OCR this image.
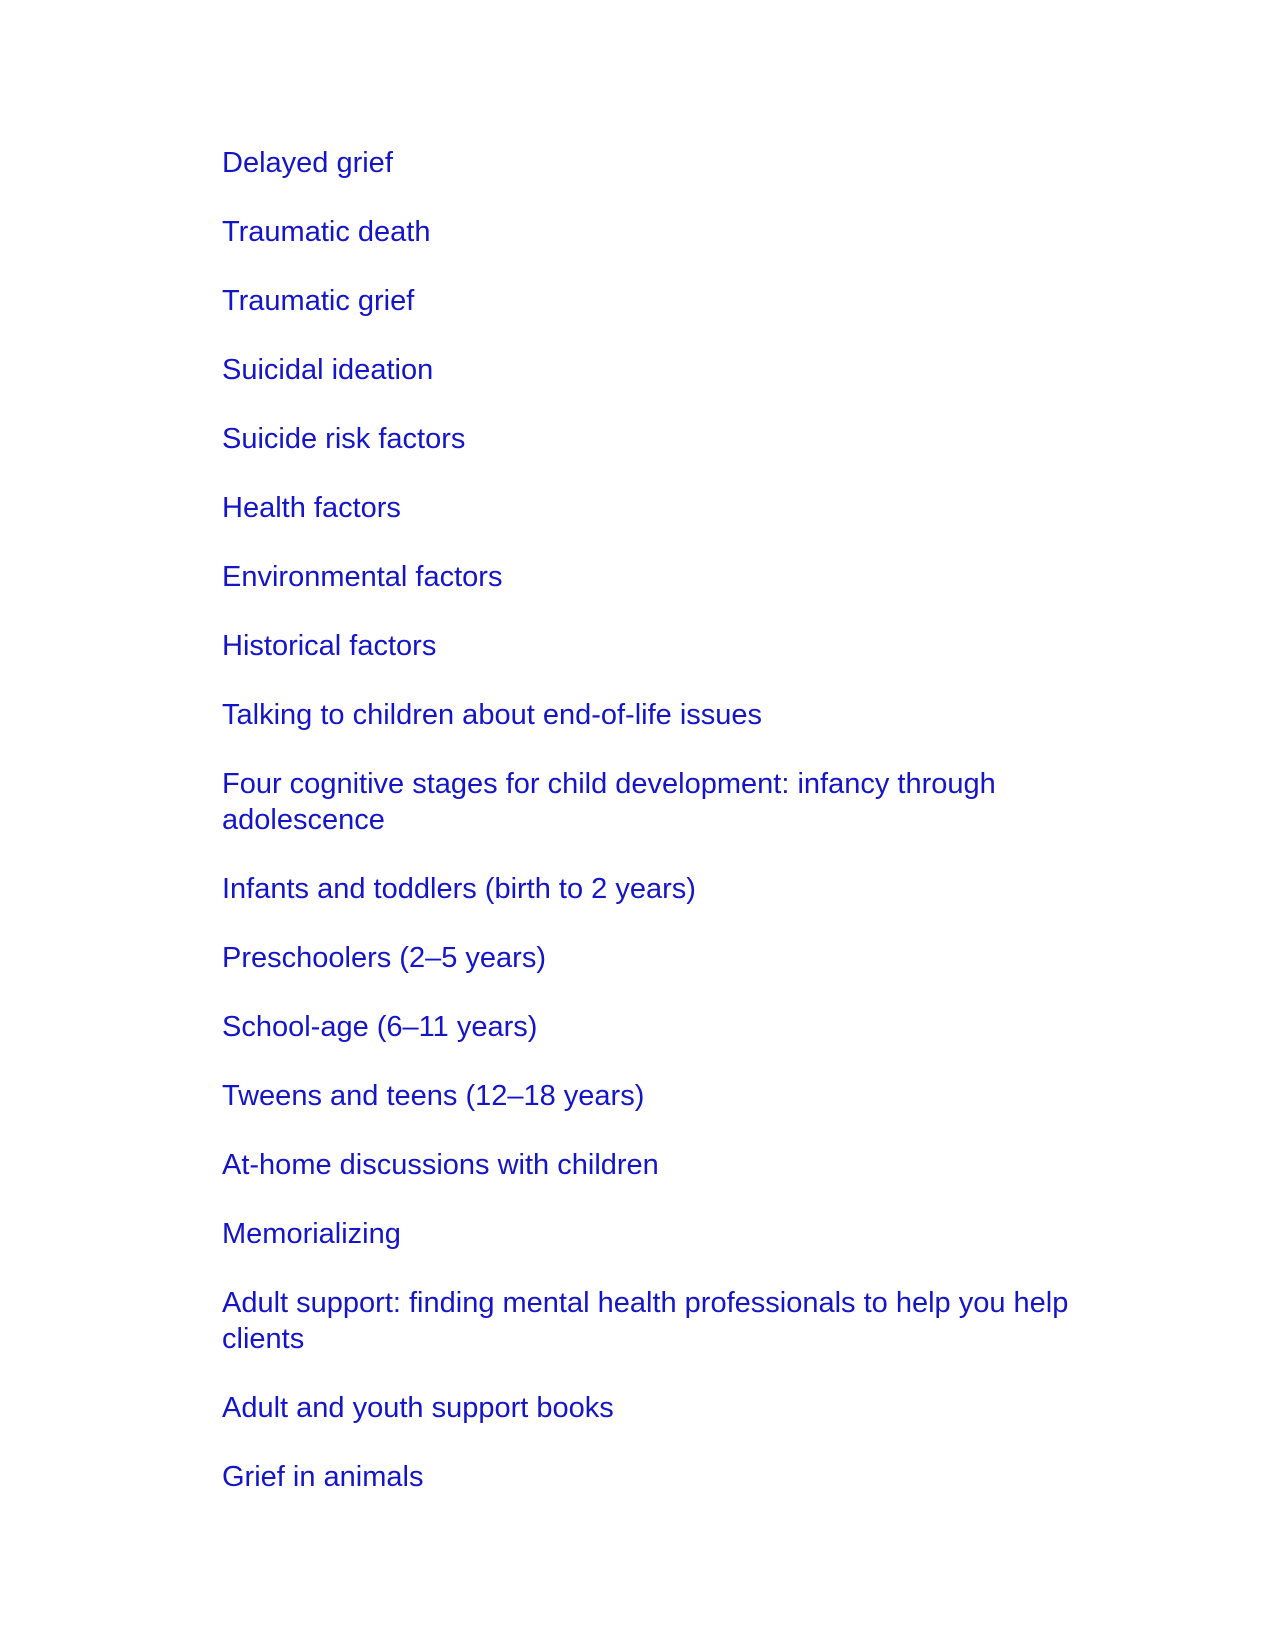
Delayed grief
Traumatic death
Traumatic grief
Suicidal ideation
Suicide risk factors
Health factors
Environmental factors
Historical factors
Talking to children about end-of-life issues
Four cognitive stages for child development: infancy through adolescence
Infants and toddlers (birth to 2 years)
Preschoolers (2–5 years)
School-age (6–11 years)
Tweens and teens (12–18 years)
At-home discussions with children
Memorializing
Adult support: finding mental health professionals to help you help clients
Adult and youth support books
Grief in animals
